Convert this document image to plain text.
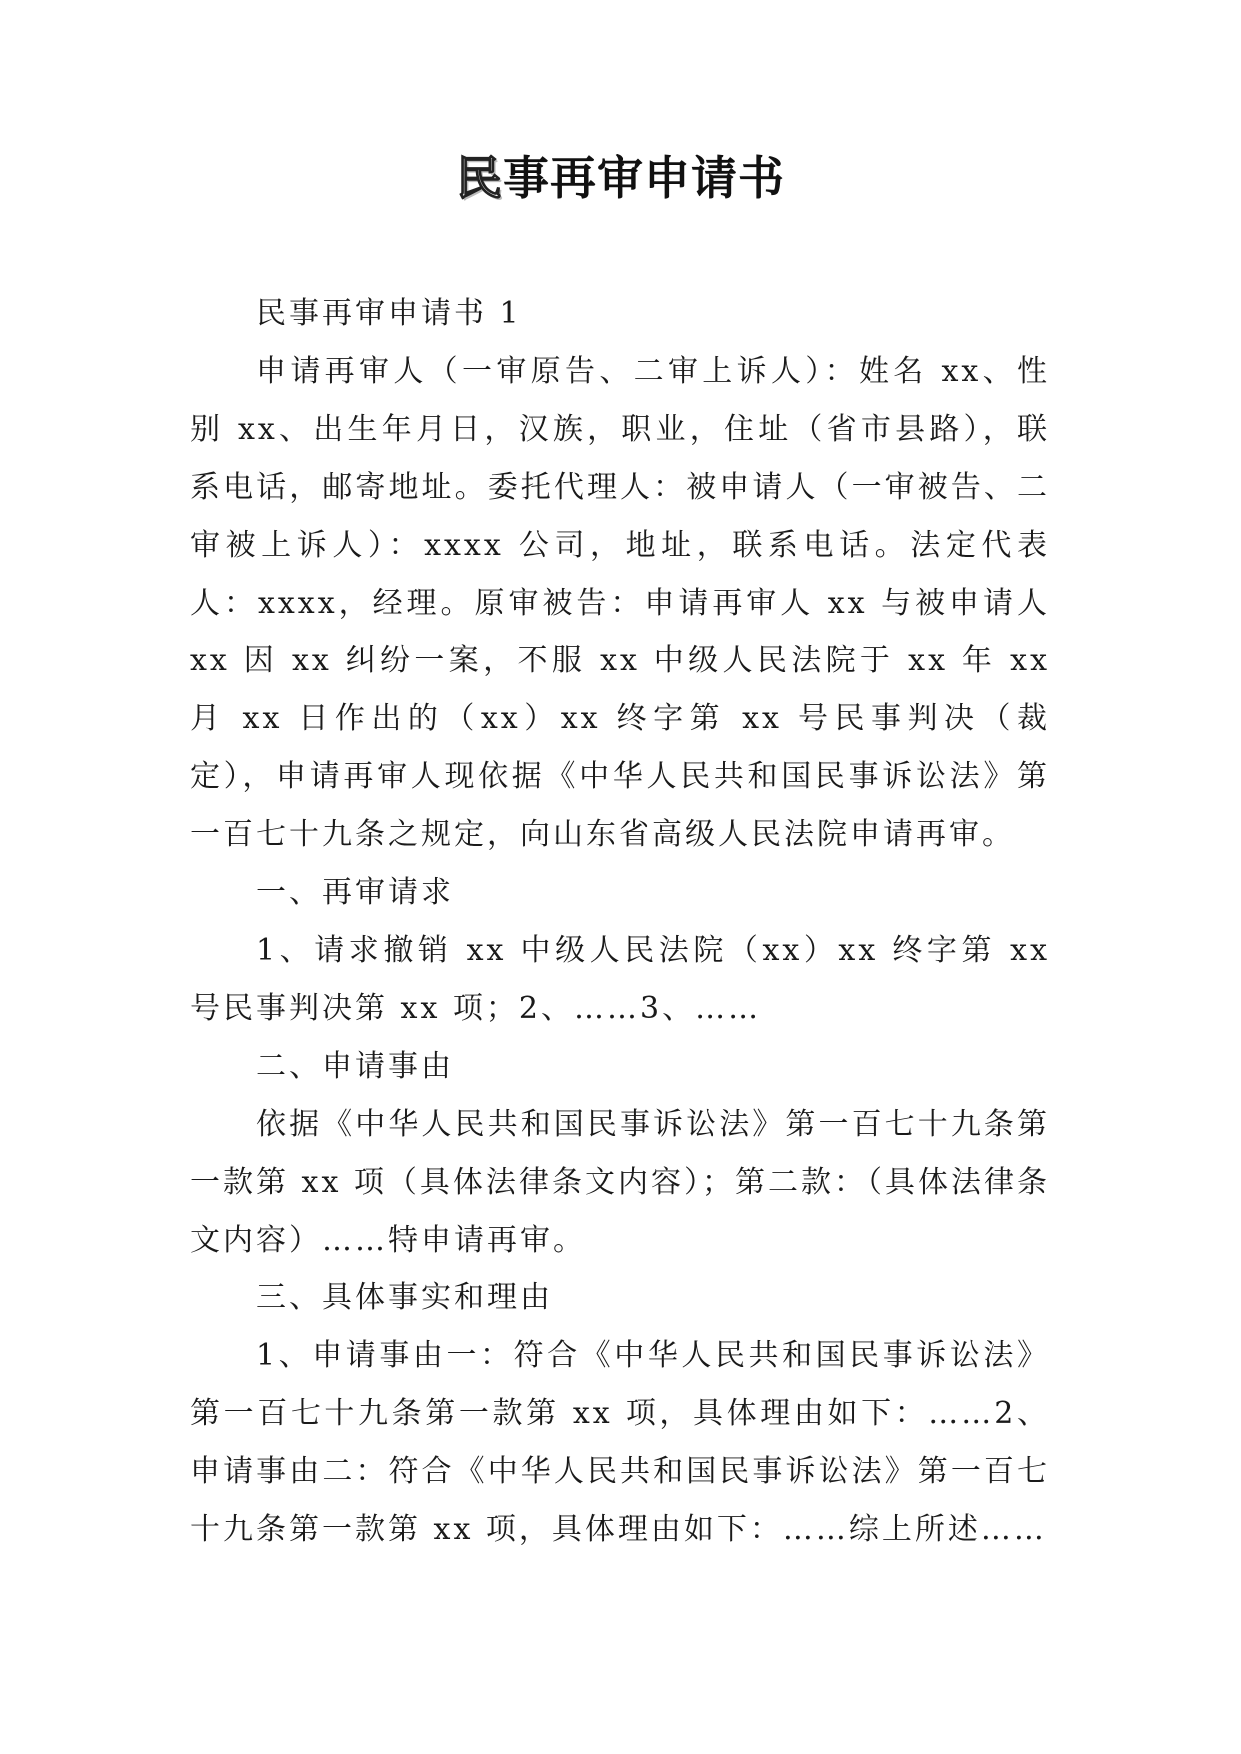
民事再审申请书

民事再审申请书 1

申请再审人（一审原告、二审上诉人）：姓名 xx、性别 xx、出生年月日，汉族，职业，住址（省市县路），联系电话，邮寄地址。委托代理人：被申请人（一审被告、二审被上诉人）：xxxx 公司，地址，联系电话。法定代表人：xxxx，经理。原审被告：申请再审人 xx 与被申请人 xx 因 xx 纠纷一案，不服 xx 中级人民法院于 xx 年 xx 月 xx 日作出的（xx）xx 终字第 xx 号民事判决（裁定），申请再审人现依据《中华人民共和国民事诉讼法》第一百七十九条之规定，向山东省高级人民法院申请再审。

一、再审请求

1、请求撤销 xx 中级人民法院（xx）xx 终字第 xx 号民事判决第 xx 项；2、……3、……

二、申请事由

依据《中华人民共和国民事诉讼法》第一百七十九条第一款第 xx 项（具体法律条文内容）；第二款：（具体法律条文内容）……特申请再审。

三、具体事实和理由

1、申请事由一：符合《中华人民共和国民事诉讼法》第一百七十九条第一款第 xx 项，具体理由如下：……2、申请事由二：符合《中华人民共和国民事诉讼法》第一百七十九条第一款第 xx 项，具体理由如下：……综上所述……
